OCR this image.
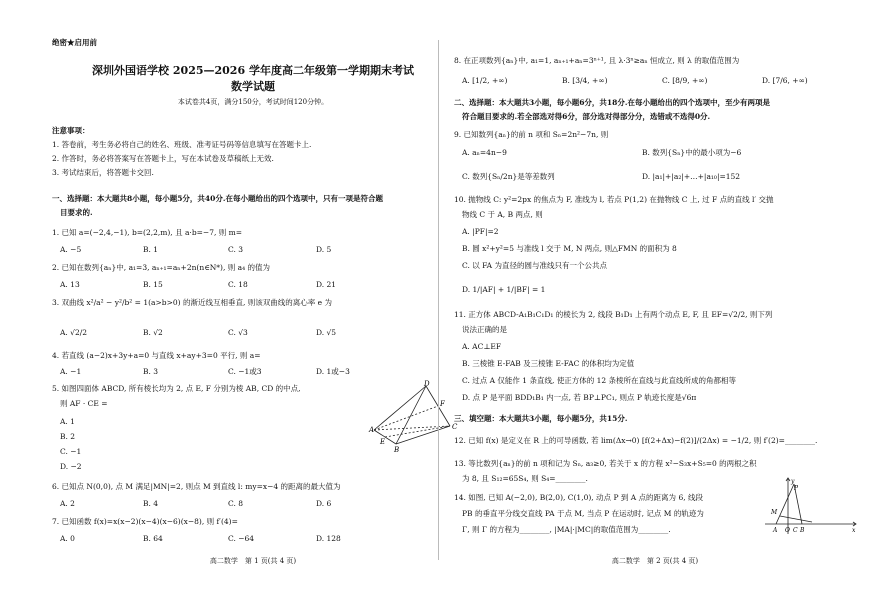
绝密★启用前
深圳外国语学校 2025—2026 学年度高二年级第一学期期末考试
数学试题
本试卷共4页，满分150分，考试时间120分钟。
注意事项：
1. 答卷前，考生务必将自己的姓名、班级、准考证号码等信息填写在答题卡上.
2. 作答时，务必将答案写在答题卡上，写在本试卷及草稿纸上无效.
3. 考试结束后，将答题卡交回.
一、选择题：本大题共8小题，每小题5分，共40分.在每小题给出的四个选项中，只有一项是符合题
目要求的.
1. 已知 a=(−2,4,−1), b=(2,2,m), 且 a·b=−7, 则 m=
A. −5	B. 1	C. 3	D. 5
2. 已知在数列{aₙ}中, a₁=3, aₙ₊₁=aₙ+2n(n∈N*), 则 a₄ 的值为
A. 13	B. 15	C. 18	D. 21
3. 双曲线 x²/a² − y²/b² = 1(a>b>0) 的渐近线互相垂直, 则该双曲线的离心率 e 为
A. √2/2	B. √2	C. √3	D. √5
4. 若直线 (a−2)x+3y+a=0 与直线 x+ay+3=0 平行, 则 a=
A. −1	B. 3	C. −1或3	D. 1或−3
5. 如图四面体 ABCD, 所有棱长均为 2, 点 E, F 分别为棱 AB, CD 的中点,
则 AF · CE =
A. 1
B. 2
C. −1
D. −2
D
F
A
E
B
C
6. 已知点 N(0,0), 点 M 满足|MN|=2, 则点 M 到直线 l: my=x−4 的距离的最大值为
A. 2	B. 4	C. 8	D. 6
7. 已知函数 f(x)=x(x−2)(x−4)(x−6)(x−8), 则 f′(4)=
A. 0	B. 64	C. −64	D. 128
高二数学　第 1 页(共 4 页)
8. 在正项数列{aₙ}中, a₁=1, aₙ₊₁+aₙ=3ⁿ⁺¹, 且 λ·3ⁿ≥aₙ 恒成立, 则 λ 的取值范围为
A. [1/2, +∞)	B. [3/4, +∞)	C. [8/9, +∞)	D. [7/6, +∞)
二、选择题：本大题共3小题，每小题6分，共18分.在每小题给出的四个选项中，至少有两项是
符合题目要求的.若全部选对得6分，部分选对得部分分，选错或不选得0分.
9. 已知数列{aₙ}的前 n 项和 Sₙ=2n²−7n, 则
A. aₙ=4n−9	B. 数列{Sₙ}中的最小项为−6
C. 数列{Sₙ/2n}是等差数列	D. |a₁|+|a₂|+…+|a₁₀|=152
10. 抛物线 C: y²=2px 的焦点为 F, 准线为 l, 若点 P(1,2) 在抛物线 C 上, 过 F 点的直线 l′ 交抛
物线 C 于 A, B 两点, 则
A. |PF|=2
B. 圆 x²+y²=5 与准线 l 交于 M, N 两点, 则△FMN 的面积为 8
C. 以 FA 为直径的圆与准线只有一个公共点
D. 1/|AF| + 1/|BF| = 1
11. 正方体 ABCD-A₁B₁C₁D₁ 的棱长为 2, 线段 B₁D₁ 上有两个动点 E, F, 且 EF=√2/2, 则下列
说法正确的是
A. AC⊥EF
B. 三棱锥 E-FAB 及三棱锥 E-FAC 的体积均为定值
C. 过点 A 仅能作 1 条直线, 使正方体的 12 条棱所在直线与此直线所成的角都相等
D. 点 P 是平面 BDD₁B₁ 内一点, 若 BP⊥PC₁, 则点 P 轨迹长度是√6π
三、填空题：本大题共3小题，每小题5分，共15分.
12. 已知 f(x) 是定义在 R 上的可导函数, 若 lim(Δx→0) [f(2+Δx)−f(2)]/(2Δx) = −1/2, 则 f′(2)=________.
13. 等比数列{aₙ}的前 n 项和记为 Sₙ, a₃≥0, 若关于 x 的方程 x²−S₃x+S₅=0 的两根之积
为 8, 且 S₁₂=65S₄, 则 S₄=________.
14. 如图, 已知 A(−2,0), B(2,0), C(1,0), 动点 P 到 A 点的距离为 6, 线段
PB 的垂直平分线交直线 PA 于点 M, 当点 P 在运动时, 记点 M 的轨迹为
Γ, 则 Γ 的方程为________, |MA|·|MC|的取值范围为________.
y
P
M
A O B
C	x
高二数学　第 2 页(共 4 页)
